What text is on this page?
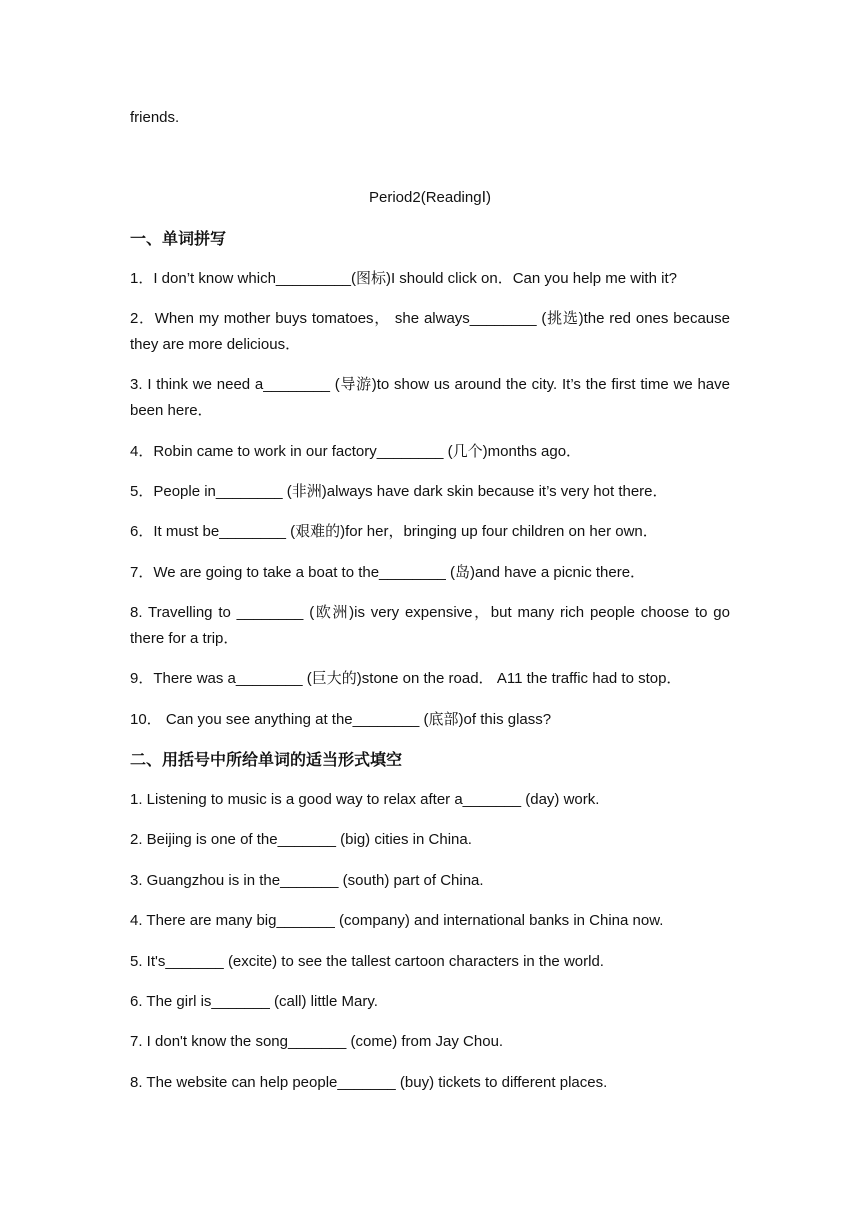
friends.
Period2(ReadingⅠ)
一、单词拼写
1．I don’t know which_________(图标)I should click on．Can you help me with it?
2．When my mother buys tomatoes， she always________ (挑选)the red ones because they are more delicious．
3. I think we need a________ (导游)to show us around the city. It’s the first time we have been here．
4．Robin came to work in our factory________ (几个)months ago．
5．People in________ (非洲)always have dark skin because it’s very hot there．
6．It must be________ (艰难的)for her，bringing up four children on her own．
7．We are going to take a boat to the________ (岛)and have a picnic there．
8. Travelling to ________ (欧洲)is very expensive，but many rich people choose to go there for a trip．
9．There was a________ (巨大的)stone on the road． A11 the traffic had to stop．
10． Can you see anything at the________ (底部)of this glass?
二、用括号中所给单词的适当形式填空
1. Listening to music is a good way to relax after a_______ (day) work.
2. Beijing is one of the_______ (big) cities in China.
3. Guangzhou is in the_______ (south) part of China.
4. There are many big_______ (company) and international banks in China now.
5. It's_______ (excite) to see the tallest cartoon characters in the world.
6. The girl is_______ (call) little Mary.
7. I don't know the song_______ (come) from Jay Chou.
8. The website can help people_______ (buy) tickets to different places.
